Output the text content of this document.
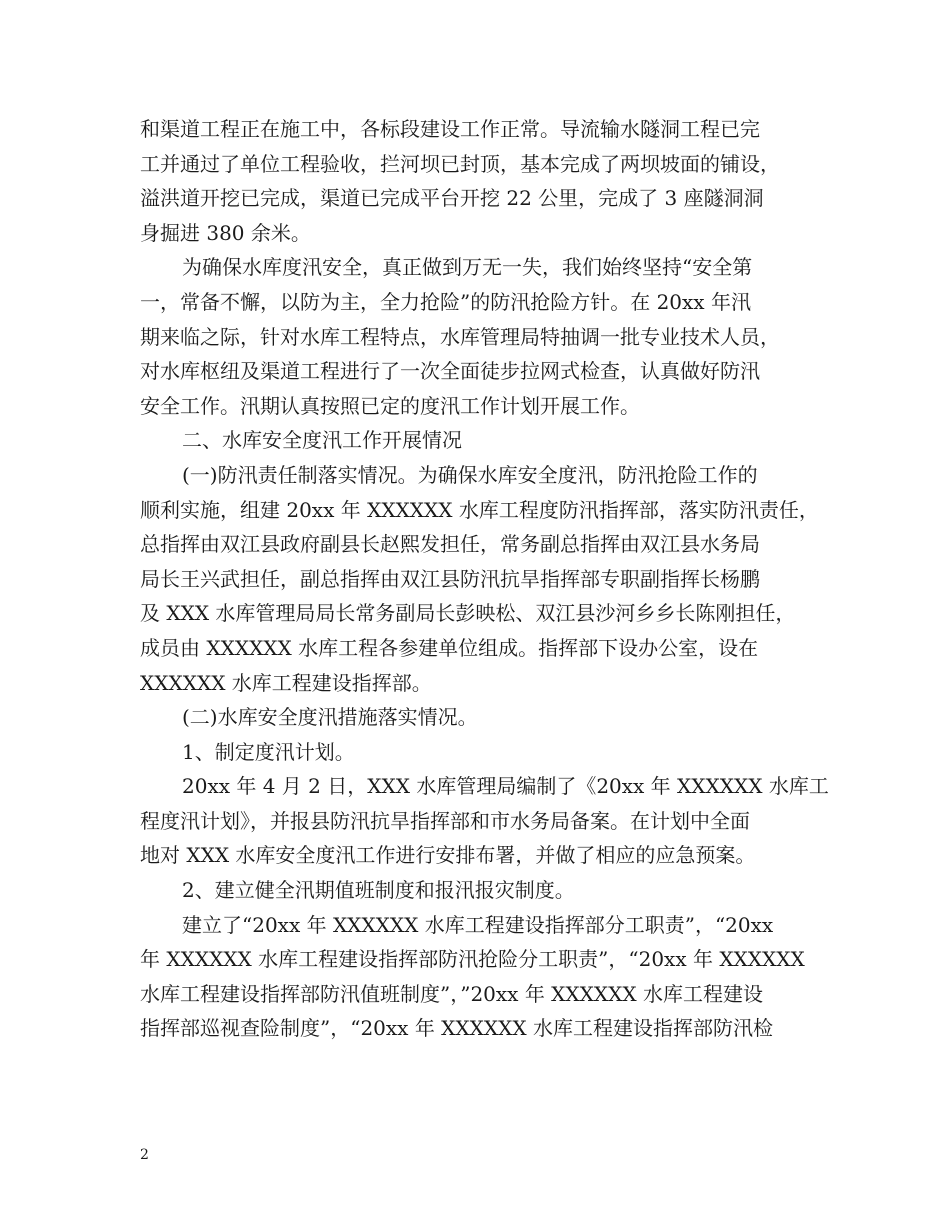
和渠道工程正在施工中，各标段建设工作正常。导流输水隧洞工程已完
工并通过了单位工程验收，拦河坝已封顶，基本完成了两坝坡面的铺设，
溢洪道开挖已完成，渠道已完成平台开挖 22 公里，完成了 3 座隧洞洞
身掘进 380 余米。
为确保水库度汛安全，真正做到万无一失，我们始终坚持“安全第
一，常备不懈，以防为主，全力抢险”的防汛抢险方针。在 20xx 年汛
期来临之际，针对水库工程特点，水库管理局特抽调一批专业技术人员，
对水库枢纽及渠道工程进行了一次全面徒步拉网式检查，认真做好防汛
安全工作。汛期认真按照已定的度汛工作计划开展工作。
二、水库安全度汛工作开展情况
(一)防汛责任制落实情况。为确保水库安全度汛，防汛抢险工作的
顺利实施，组建 20xx 年 XXXXXX 水库工程度防汛指挥部，落实防汛责任，
总指挥由双江县政府副县长赵熙发担任，常务副总指挥由双江县水务局
局长王兴武担任，副总指挥由双江县防汛抗旱指挥部专职副指挥长杨鹏
及 XXX 水库管理局局长常务副局长彭映松、双江县沙河乡乡长陈刚担任，
成员由 XXXXXX 水库工程各参建单位组成。指挥部下设办公室，设在
XXXXXX 水库工程建设指挥部。
(二)水库安全度汛措施落实情况。
1、制定度汛计划。
20xx 年 4 月 2 日，XXX 水库管理局编制了《20xx 年 XXXXXX 水库工
程度汛计划》，并报县防汛抗旱指挥部和市水务局备案。在计划中全面
地对 XXX 水库安全度汛工作进行安排布署，并做了相应的应急预案。
2、建立健全汛期值班制度和报汛报灾制度。
建立了“20xx 年 XXXXXX 水库工程建设指挥部分工职责”，“20xx
年 XXXXXX 水库工程建设指挥部防汛抢险分工职责”，“20xx 年 XXXXXX
水库工程建设指挥部防汛值班制度”，”20xx 年 XXXXXX 水库工程建设
指挥部巡视查险制度”，“20xx 年 XXXXXX 水库工程建设指挥部防汛检
2
